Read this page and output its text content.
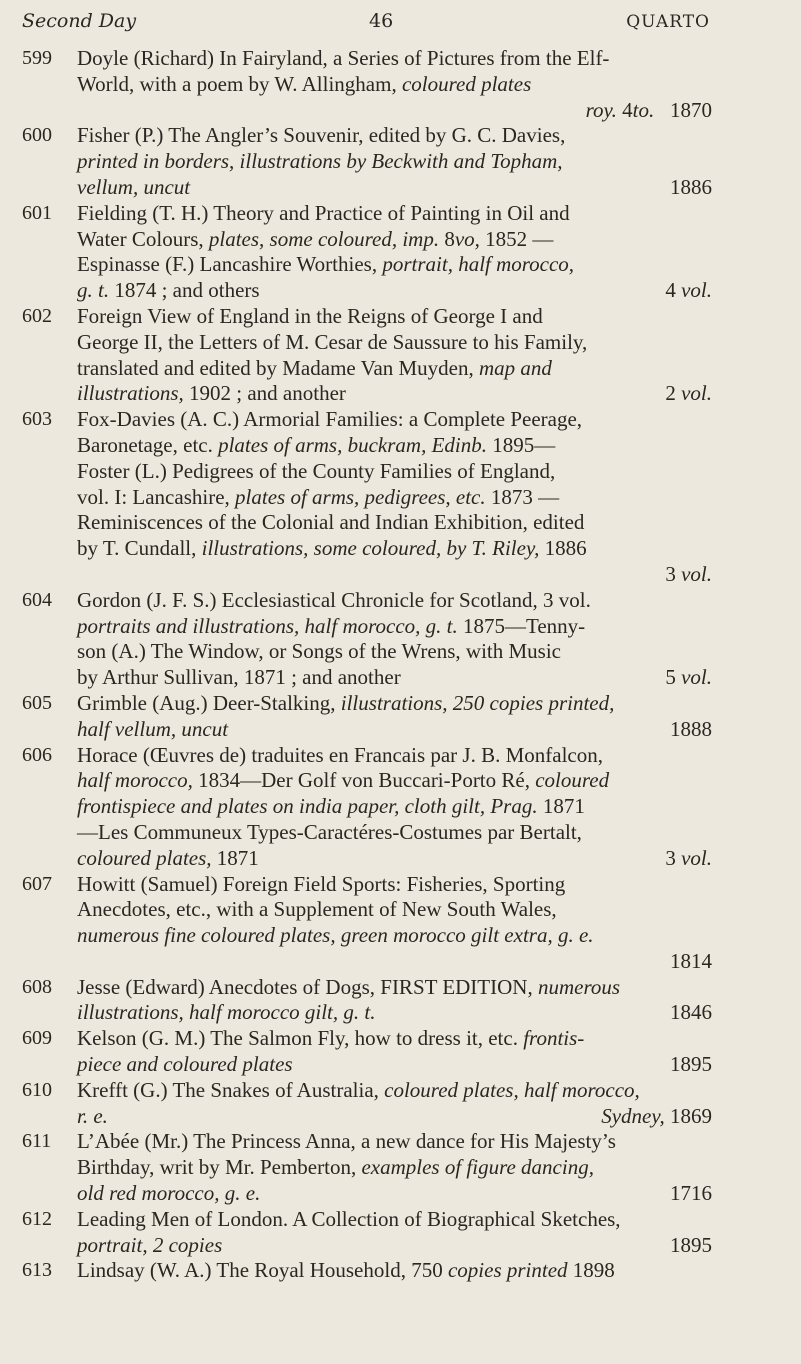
Second Day	46	QUARTO
599	Doyle (Richard) In Fairyland, a Series of Pictures from the Elf-
World, with a poem by W. Allingham, coloured plates
roy. 4to.   1870
600	Fisher (P.) The Angler’s Souvenir, edited by G. C. Davies,
printed in borders, illustrations by Beckwith and Topham,
vellum, uncut	1886
601	Fielding (T. H.) Theory and Practice of Painting in Oil and
Water Colours, plates, some coloured, imp. 8vo, 1852 —
Espinasse (F.) Lancashire Worthies, portrait, half morocco,
g. t. 1874 ; and others	4 vol.
602	Foreign View of England in the Reigns of George I and
George II, the Letters of M. Cesar de Saussure to his Family,
translated and edited by Madame Van Muyden, map and
illustrations, 1902 ; and another	2 vol.
603	Fox-Davies (A. C.) Armorial Families: a Complete Peerage,
Baronetage, etc. plates of arms, buckram, Edinb. 1895—
Foster (L.) Pedigrees of the County Families of England,
vol. I: Lancashire, plates of arms, pedigrees, etc. 1873 —
Reminiscences of the Colonial and Indian Exhibition, edited
by T. Cundall, illustrations, some coloured, by T. Riley, 1886
3 vol.
604	Gordon (J. F. S.) Ecclesiastical Chronicle for Scotland, 3 vol.
portraits and illustrations, half morocco, g. t. 1875—Tenny-
son (A.) The Window, or Songs of the Wrens, with Music
by Arthur Sullivan, 1871 ; and another	5 vol.
605	Grimble (Aug.) Deer-Stalking, illustrations, 250 copies printed,
half vellum, uncut	1888
606	Horace (Œuvres de) traduites en Francais par J. B. Monfalcon,
half morocco, 1834—Der Golf von Buccari-Porto Ré, coloured
frontispiece and plates on india paper, cloth gilt, Prag. 1871
—Les Communeux Types-Caractéres-Costumes par Bertalt,
coloured plates, 1871	3 vol.
607	Howitt (Samuel) Foreign Field Sports: Fisheries, Sporting
Anecdotes, etc., with a Supplement of New South Wales,
numerous fine coloured plates, green morocco gilt extra, g. e.
1814
608	Jesse (Edward) Anecdotes of Dogs, FIRST EDITION, numerous
illustrations, half morocco gilt, g. t.	1846
609	Kelson (G. M.) The Salmon Fly, how to dress it, etc. frontis-
piece and coloured plates	1895
610	Krefft (G.) The Snakes of Australia, coloured plates, half morocco,
r. e.	Sydney, 1869
611	L’Abée (Mr.) The Princess Anna, a new dance for His Majesty’s
Birthday, writ by Mr. Pemberton, examples of figure dancing,
old red morocco, g. e.	1716
612	Leading Men of London. A Collection of Biographical Sketches,
portrait, 2 copies	1895
613	Lindsay (W. A.) The Royal Household, 750 copies printed 1898
